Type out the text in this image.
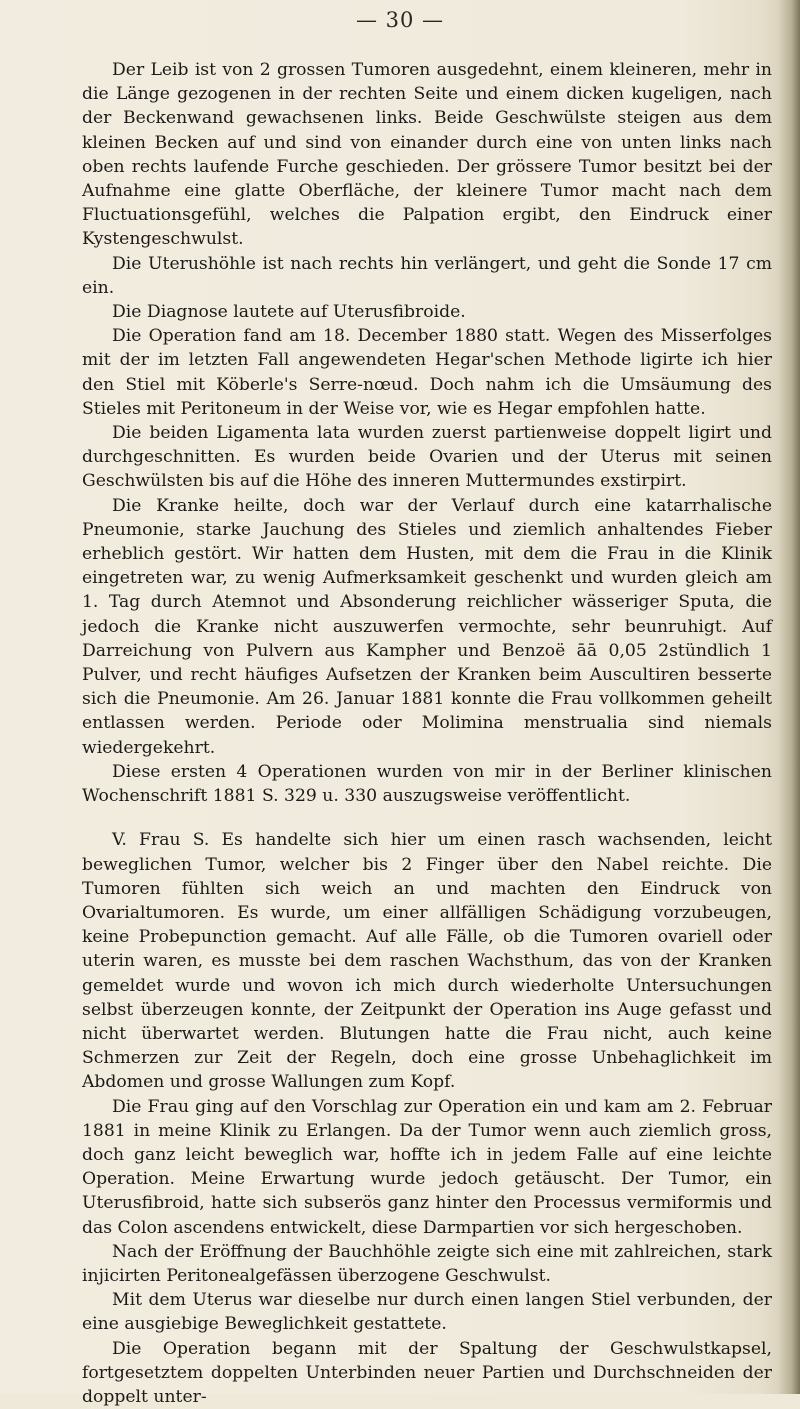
— 30 —

Der Leib ist von 2 grossen Tumoren ausgedehnt, einem kleineren, mehr in die Länge gezogenen in der rechten Seite und einem dicken kugeligen, nach der Beckenwand gewachsenen links. Beide Geschwülste steigen aus dem kleinen Becken auf und sind von einander durch eine von unten links nach oben rechts laufende Furche geschieden. Der grössere Tumor besitzt bei der Aufnahme eine glatte Oberfläche, der kleinere Tumor macht nach dem Fluctuationsgefühl, welches die Palpation ergibt, den Eindruck einer Kystengeschwulst.

Die Uterushöhle ist nach rechts hin verlängert, und geht die Sonde 17 cm ein.

Die Diagnose lautete auf Uterusfibroide.

Die Operation fand am 18. December 1880 statt. Wegen des Misserfolges mit der im letzten Fall angewendeten Hegar'schen Methode ligirte ich hier den Stiel mit Köberle's Serre-nœud. Doch nahm ich die Umsäumung des Stieles mit Peritoneum in der Weise vor, wie es Hegar empfohlen hatte.

Die beiden Ligamenta lata wurden zuerst partienweise doppelt ligirt und durchgeschnitten. Es wurden beide Ovarien und der Uterus mit seinen Geschwülsten bis auf die Höhe des inneren Muttermundes exstirpirt.

Die Kranke heilte, doch war der Verlauf durch eine katarrhalische Pneumonie, starke Jauchung des Stieles und ziemlich anhaltendes Fieber erheblich gestört. Wir hatten dem Husten, mit dem die Frau in die Klinik eingetreten war, zu wenig Aufmerksamkeit geschenkt und wurden gleich am 1. Tag durch Atemnot und Absonderung reichlicher wässeriger Sputa, die jedoch die Kranke nicht auszuwerfen vermochte, sehr beunruhigt. Auf Darreichung von Pulvern aus Kampher und Benzoë āā 0,05 2stündlich 1 Pulver, und recht häufiges Aufsetzen der Kranken beim Auscultiren besserte sich die Pneumonie. Am 26. Januar 1881 konnte die Frau vollkommen geheilt entlassen werden. Periode oder Molimina menstrualia sind niemals wiedergekehrt.

Diese ersten 4 Operationen wurden von mir in der Berliner klinischen Wochenschrift 1881 S. 329 u. 330 auszugsweise veröffentlicht.

V. Frau S. Es handelte sich hier um einen rasch wachsenden, leicht beweglichen Tumor, welcher bis 2 Finger über den Nabel reichte. Die Tumoren fühlten sich weich an und machten den Eindruck von Ovarialtumoren. Es wurde, um einer allfälligen Schädigung vorzubeugen, keine Probepunction gemacht. Auf alle Fälle, ob die Tumoren ovariell oder uterin waren, es musste bei dem raschen Wachsthum, das von der Kranken gemeldet wurde und wovon ich mich durch wiederholte Untersuchungen selbst überzeugen konnte, der Zeitpunkt der Operation ins Auge gefasst und nicht überwartet werden. Blutungen hatte die Frau nicht, auch keine Schmerzen zur Zeit der Regeln, doch eine grosse Unbehaglichkeit im Abdomen und grosse Wallungen zum Kopf.

Die Frau ging auf den Vorschlag zur Operation ein und kam am 2. Februar 1881 in meine Klinik zu Erlangen. Da der Tumor wenn auch ziemlich gross, doch ganz leicht beweglich war, hoffte ich in jedem Falle auf eine leichte Operation. Meine Erwartung wurde jedoch getäuscht. Der Tumor, ein Uterusfibroid, hatte sich subserös ganz hinter den Processus vermiformis und das Colon ascendens entwickelt, diese Darmpartien vor sich hergeschoben.

Nach der Eröffnung der Bauchhöhle zeigte sich eine mit zahlreichen, stark injicirten Peritonealgefässen überzogene Geschwulst.

Mit dem Uterus war dieselbe nur durch einen langen Stiel verbunden, der eine ausgiebige Beweglichkeit gestattete.

Die Operation begann mit der Spaltung der Geschwulstkapsel, fortgesetztem doppelten Unterbinden neuer Partien und Durchschneiden der doppelt unter-
